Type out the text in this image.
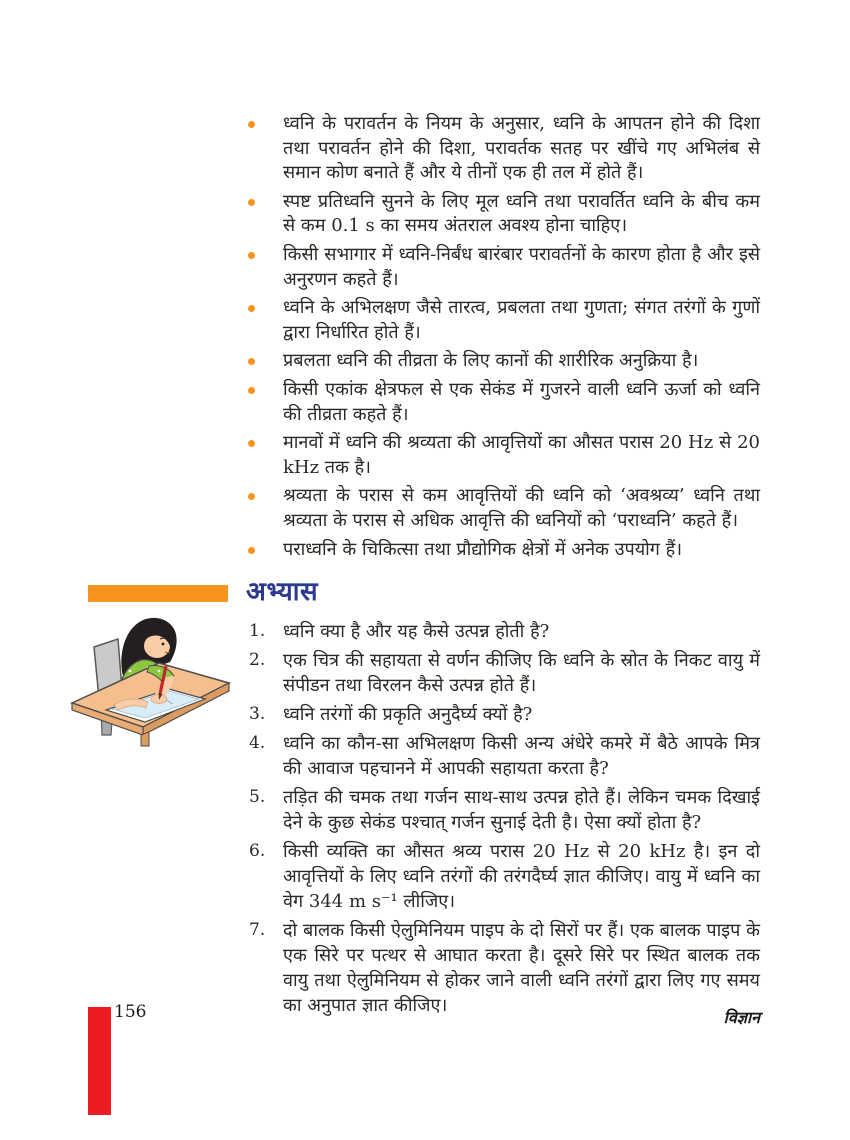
ध्वनि के परावर्तन के नियम के अनुसार, ध्वनि के आपतन होने की दिशा तथा परावर्तन होने की दिशा, परावर्तक सतह पर खींचे गए अभिलंब से समान कोण बनाते हैं और ये तीनों एक ही तल में होते हैं।
स्पष्ट प्रतिध्वनि सुनने के लिए मूल ध्वनि तथा परावर्तित ध्वनि के बीच कम से कम 0.1 s का समय अंतराल अवश्य होना चाहिए।
किसी सभागार में ध्वनि-निर्बंध बारंबार परावर्तनों के कारण होता है और इसे अनुरणन कहते हैं।
ध्वनि के अभिलक्षण जैसे तारत्व, प्रबलता तथा गुणता; संगत तरंगों के गुणों द्वारा निर्धारित होते हैं।
प्रबलता ध्वनि की तीव्रता के लिए कानों की शारीरिक अनुक्रिया है।
किसी एकांक क्षेत्रफल से एक सेकंड में गुजरने वाली ध्वनि ऊर्जा को ध्वनि की तीव्रता कहते हैं।
मानवों में ध्वनि की श्रव्यता की आवृत्तियों का औसत परास 20 Hz से 20 kHz तक है।
श्रव्यता के परास से कम आवृत्तियों की ध्वनि को ‘अवश्रव्य’ ध्वनि तथा श्रव्यता के परास से अधिक आवृत्ति की ध्वनियों को ‘पराध्वनि’ कहते हैं।
पराध्वनि के चिकित्सा तथा प्रौद्योगिक क्षेत्रों में अनेक उपयोग हैं।
अभ्यास
1. ध्वनि क्या है और यह कैसे उत्पन्न होती है?
2. एक चित्र की सहायता से वर्णन कीजिए कि ध्वनि के स्रोत के निकट वायु में संपीडन तथा विरलन कैसे उत्पन्न होते हैं।
3. ध्वनि तरंगों की प्रकृति अनुदैर्घ्य क्यों है?
4. ध्वनि का कौन-सा अभिलक्षण किसी अन्य अंधेरे कमरे में बैठे आपके मित्र की आवाज पहचानने में आपकी सहायता करता है?
5. तड़ित की चमक तथा गर्जन साथ-साथ उत्पन्न होते हैं। लेकिन चमक दिखाई देने के कुछ सेकंड पश्चात् गर्जन सुनाई देती है। ऐसा क्यों होता है?
6. किसी व्यक्ति का औसत श्रव्य परास 20 Hz से 20 kHz है। इन दो आवृत्तियों के लिए ध्वनि तरंगों की तरंगदैर्घ्य ज्ञात कीजिए। वायु में ध्वनि का वेग 344 m s⁻¹ लीजिए।
7. दो बालक किसी ऐलुमिनियम पाइप के दो सिरों पर हैं। एक बालक पाइप के एक सिरे पर पत्थर से आघात करता है। दूसरे सिरे पर स्थित बालक तक वायु तथा ऐलुमिनियम से होकर जाने वाली ध्वनि तरंगों द्वारा लिए गए समय का अनुपात ज्ञात कीजिए।
156	विज्ञान
